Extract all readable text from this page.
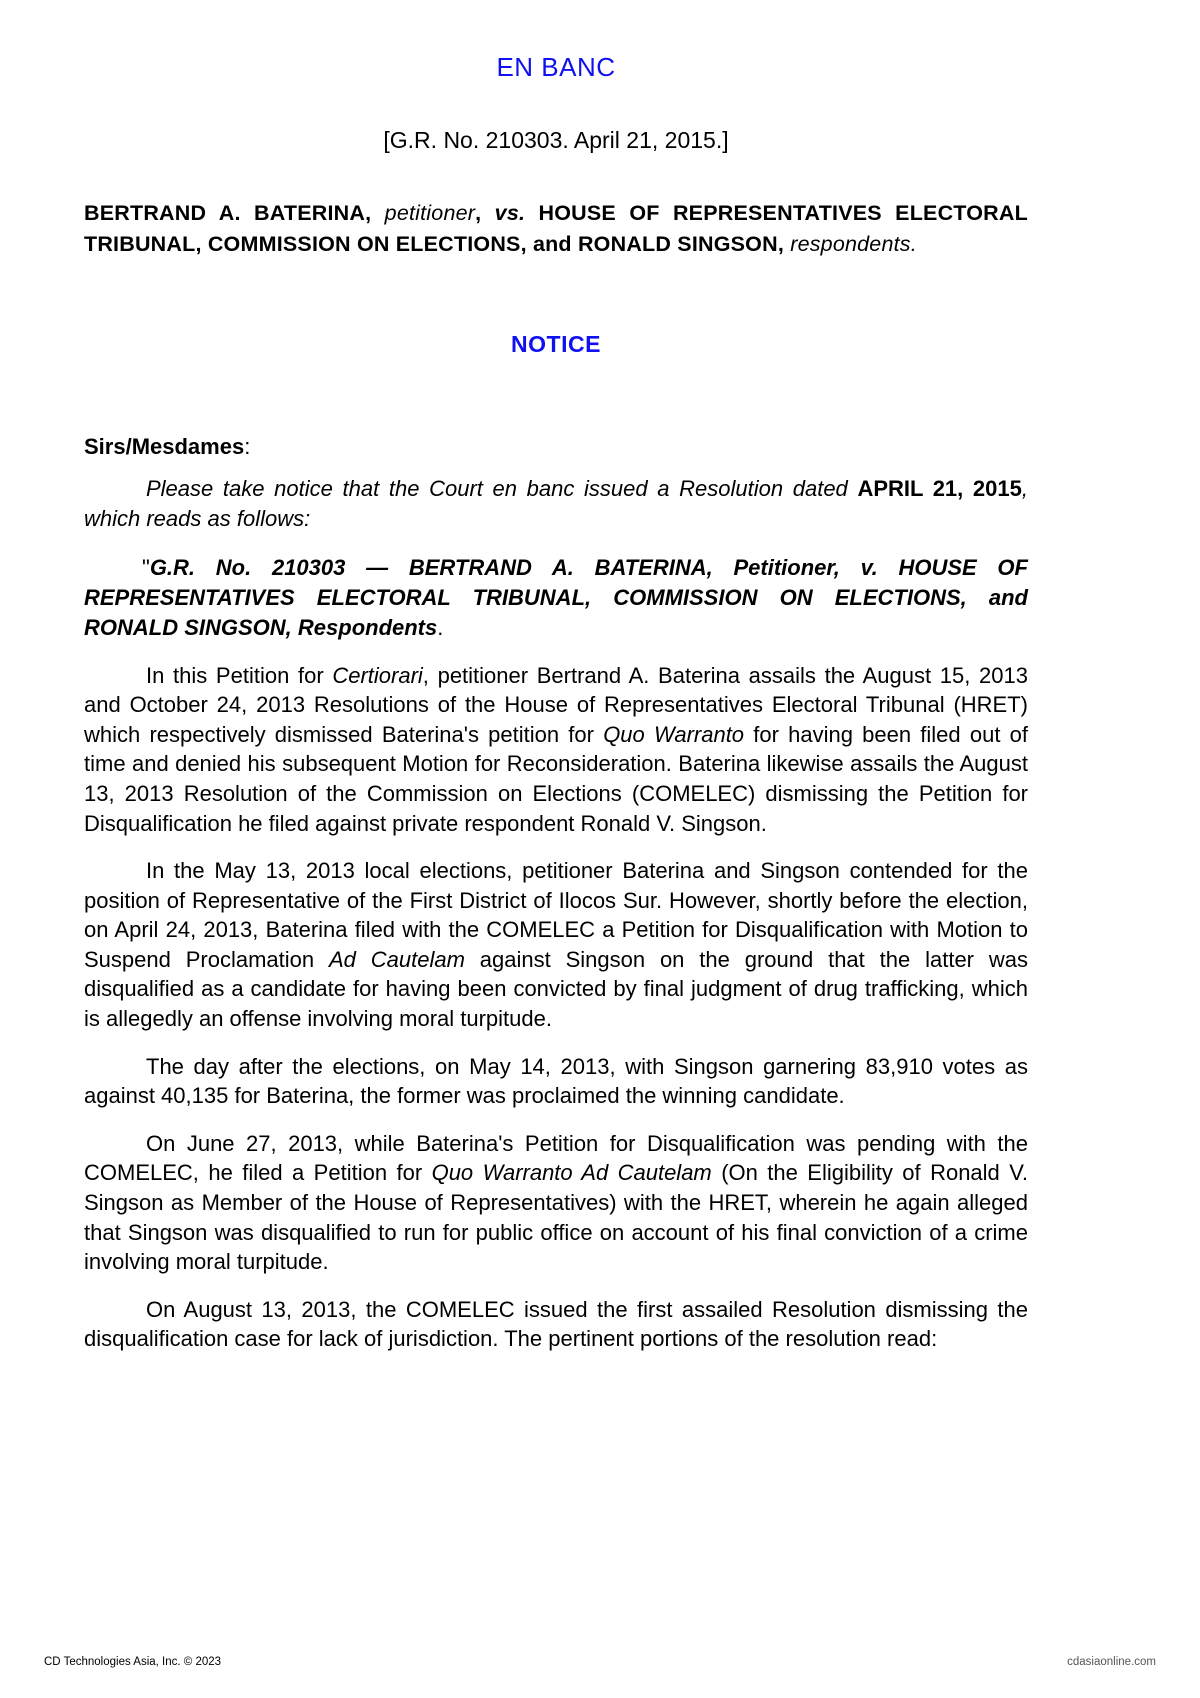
EN BANC
[G.R. No. 210303. April 21, 2015.]
BERTRAND A. BATERINA, petitioner, vs. HOUSE OF REPRESENTATIVES ELECTORAL TRIBUNAL, COMMISSION ON ELECTIONS, and RONALD SINGSON, respondents.
NOTICE
Sirs/Mesdames:

Please take notice that the Court en banc issued a Resolution dated APRIL 21, 2015, which reads as follows:

"G.R. No. 210303 — BERTRAND A. BATERINA, Petitioner, v. HOUSE OF REPRESENTATIVES ELECTORAL TRIBUNAL, COMMISSION ON ELECTIONS, and RONALD SINGSON, Respondents.

In this Petition for Certiorari, petitioner Bertrand A. Baterina assails the August 15, 2013 and October 24, 2013 Resolutions of the House of Representatives Electoral Tribunal (HRET) which respectively dismissed Baterina's petition for Quo Warranto for having been filed out of time and denied his subsequent Motion for Reconsideration. Baterina likewise assails the August 13, 2013 Resolution of the Commission on Elections (COMELEC) dismissing the Petition for Disqualification he filed against private respondent Ronald V. Singson.

In the May 13, 2013 local elections, petitioner Baterina and Singson contended for the position of Representative of the First District of Ilocos Sur. However, shortly before the election, on April 24, 2013, Baterina filed with the COMELEC a Petition for Disqualification with Motion to Suspend Proclamation Ad Cautelam against Singson on the ground that the latter was disqualified as a candidate for having been convicted by final judgment of drug trafficking, which is allegedly an offense involving moral turpitude.

The day after the elections, on May 14, 2013, with Singson garnering 83,910 votes as against 40,135 for Baterina, the former was proclaimed the winning candidate.

On June 27, 2013, while Baterina's Petition for Disqualification was pending with the COMELEC, he filed a Petition for Quo Warranto Ad Cautelam (On the Eligibility of Ronald V. Singson as Member of the House of Representatives) with the HRET, wherein he again alleged that Singson was disqualified to run for public office on account of his final conviction of a crime involving moral turpitude.

On August 13, 2013, the COMELEC issued the first assailed Resolution dismissing the disqualification case for lack of jurisdiction. The pertinent portions of the resolution read:

CD Technologies Asia, Inc. © 2023	cdasiaonline.com
